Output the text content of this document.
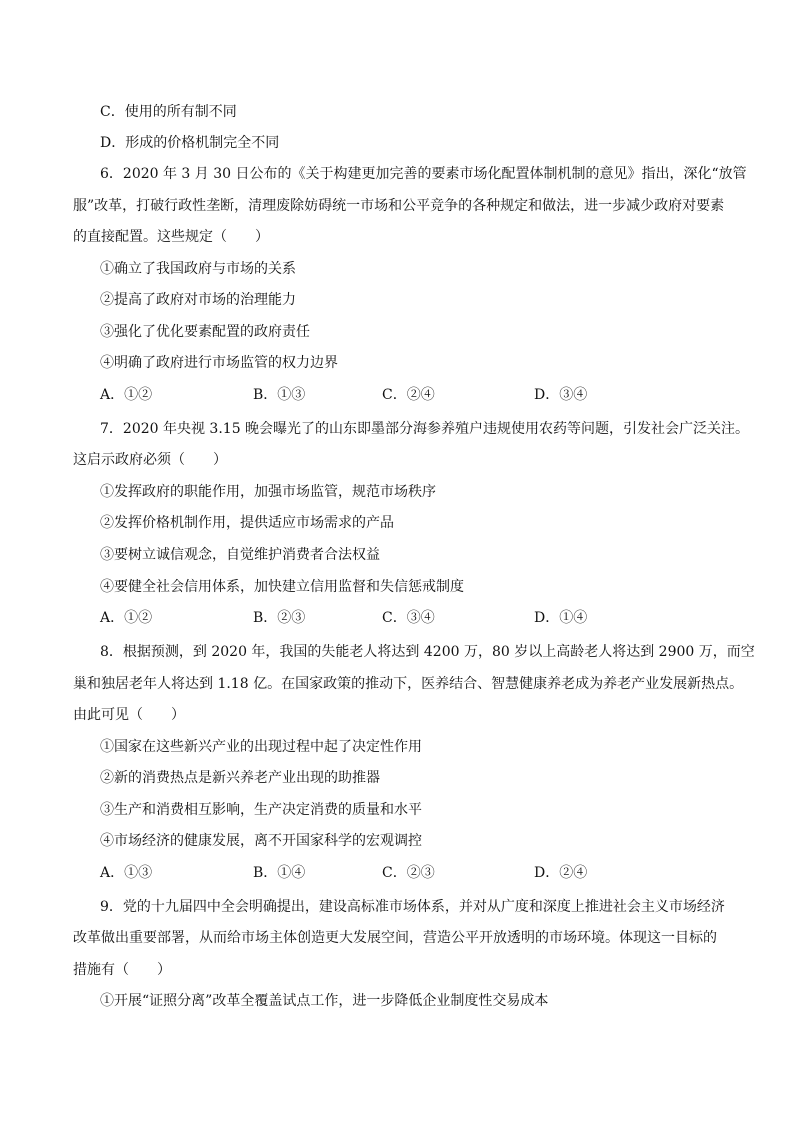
C．使用的所有制不同
D．形成的价格机制完全不同
6．2020 年 3 月 30 日公布的《关于构建更加完善的要素市场化配置体制机制的意见》指出，深化“放管
服”改革，打破行政性垄断，清理废除妨碍统一市场和公平竞争的各种规定和做法，进一步减少政府对要素
的直接配置。这些规定（　　）
①确立了我国政府与市场的关系
②提高了政府对市场的治理能力
③强化了优化要素配置的政府责任
④明确了政府进行市场监管的权力边界
A．①②	B．①③	C．②④	D．③④
7．2020 年央视 3.15 晚会曝光了的山东即墨部分海参养殖户违规使用农药等问题，引发社会广泛关注。
这启示政府必须（　　）
①发挥政府的职能作用，加强市场监管，规范市场秩序
②发挥价格机制作用，提供适应市场需求的产品
③要树立诚信观念，自觉维护消费者合法权益
④要健全社会信用体系，加快建立信用监督和失信惩戒制度
A．①②	B．②③	C．③④	D．①④
8．根据预测，到 2020 年，我国的失能老人将达到 4200 万，80 岁以上高龄老人将达到 2900 万，而空
巢和独居老年人将达到 1.18 亿。在国家政策的推动下，医养结合、智慧健康养老成为养老产业发展新热点。
由此可见（　　）
①国家在这些新兴产业的出现过程中起了决定性作用
②新的消费热点是新兴养老产业出现的助推器
③生产和消费相互影响，生产决定消费的质量和水平
④市场经济的健康发展，离不开国家科学的宏观调控
A．①③	B．①④	C．②③	D．②④
9．党的十九届四中全会明确提出，建设高标准市场体系，并对从广度和深度上推进社会主义市场经济
改革做出重要部署，从而给市场主体创造更大发展空间，营造公平开放透明的市场环境。体现这一目标的
措施有（　　）
①开展“证照分离”改革全覆盖试点工作，进一步降低企业制度性交易成本
